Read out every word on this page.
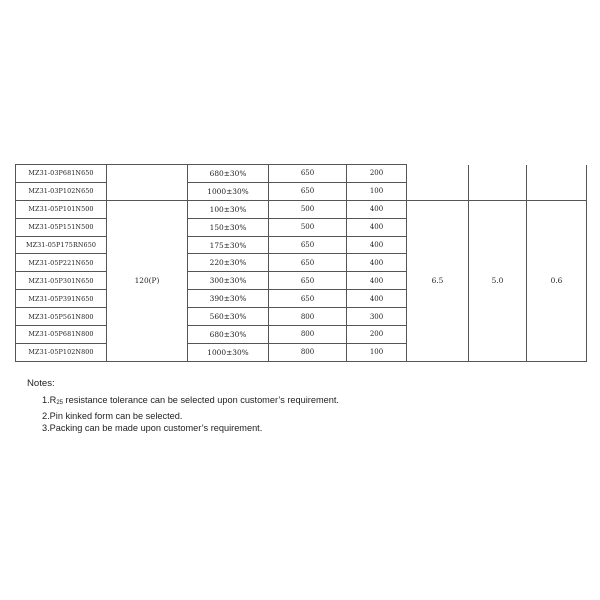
MZ31-03P681N650		680±30%	650	200			
MZ31-03P102N650		1000±30%	650	100			
MZ31-05P101N500	120(P)	100±30%	500	400	6.5	5.0	0.6
MZ31-05P151N500		150±30%	500	400			
MZ31-05P175RN650		175±30%	650	400			
MZ31-05P221N650		220±30%	650	400			
MZ31-05P301N650		300±30%	650	400			
MZ31-05P391N650		390±30%	650	400			
MZ31-05P561N800		560±30%	800	300			
MZ31-05P681N800		680±30%	800	200			
MZ31-05P102N800		1000±30%	800	100			

Notes:

$1.R_{25}$ resistance tolerance can be selected upon customer’s requirement.

2.Pin kinked form can be selected.

3.Packing can be made upon customer’s requirement.
